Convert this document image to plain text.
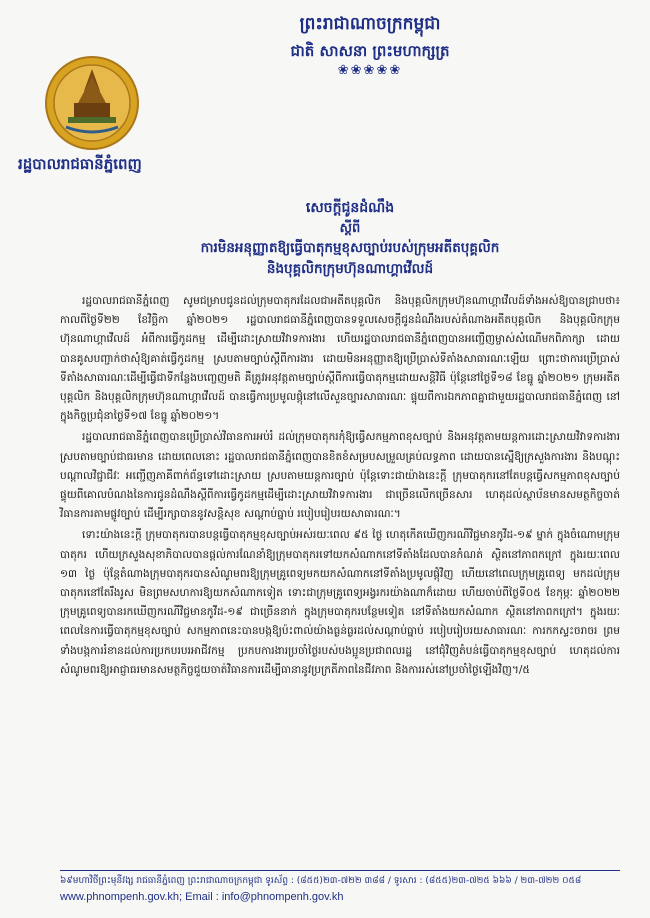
ព្រះរាជាណាចក្រកម្ពុជា
ជាតិ សាសនា ព្រះមហាក្សត្រ
❀❀❀❀❀
រដ្ឋបាលរាជធានីភ្នំពេញ
សេចក្តីជូនដំណឹង
ស្តីពី
ការមិនអនុញ្ញាតឱ្យធ្វើបាតុកម្មខុសច្បាប់របស់ក្រុមអតីតបុគ្គលិក
និងបុគ្គលិកក្រុមហ៊ុនណាហ្គាវើលដ៍

រដ្ឋបាលរាជធានីភ្នំពេញ សូមជម្រាបជូនដល់ក្រុមបាតុករដែលជាអតីតបុគ្គលិក និងបុគ្គលិកក្រុមហ៊ុនណាហ្គាវើលដ៍ទាំងអស់ឱ្យបានជ្រាបថា៖ កាលពីថ្ងៃទី២២ ខែវិច្ឆិកា ឆ្នាំ២០២១ រដ្ឋបាលរាជធានីភ្នំពេញបានទទួលសេចក្តីជូនដំណឹងរបស់តំណាងអតីតបុគ្គលិក និងបុគ្គលិកក្រុមហ៊ុនណាហ្គាវើលដ៍ អំពីការធ្វើកូដកម្ម ដើម្បីដោះស្រាយវិវាទការងារ ហើយរដ្ឋបាលរាជធានីភ្នំពេញបានអញ្ជើញម្ចាស់សំណើមកពិភាក្សា ដោយបានគូសបញ្ជាក់ថាសុំឱ្យគាត់ធ្វើកូដកម្ម ស្របតាមច្បាប់ស្តីពីការងារ ដោយមិនអនុញ្ញាតឱ្យប្រើប្រាស់ទីតាំងសាធារណៈឡើយ ព្រោះថាការប្រើប្រាស់ទីតាំងសាធារណៈដើម្បីធ្វើជាទីកន្លែងបញ្ចេញមតិ គឺត្រូវអនុវត្តតាមច្បាប់ស្តីពីការធ្វើបាតុកម្មដោយសន្តិវិធី ប៉ុន្តែនៅថ្ងៃទី១៨ ខែធ្នូ ឆ្នាំ២០២១ ក្រុមអតីតបុគ្គលិក និងបុគ្គលិកក្រុមហ៊ុនណាហ្គាវើលដ៍ បានធ្វើការប្រមូលផ្តុំនៅលើសួនច្បារសាធារណៈ ផ្ទុយពីការឯកភាពគ្នាជាមួយរដ្ឋបាលរាជធានីភ្នំពេញ នៅក្នុងកិច្ចប្រជុំនាថ្ងៃទី១៧ ខែធ្នូ ឆ្នាំ២០២១។

រដ្ឋបាលរាជធានីភ្នំពេញបានប្រើប្រាស់វិធានការអប់រំ ដល់ក្រុមបាតុករកុំឱ្យធ្វើសកម្មភាពខុសច្បាប់ និងអនុវត្តតាមយន្តការដោះស្រាយវិវាទការងារ ស្របតាមច្បាប់ជាធរមាន ដោយពេលនោះ រដ្ឋបាលរាជធានីភ្នំពេញបានខិតខំសម្របសម្រួលគ្រប់លទ្ធភាព ដោយបានស្នើឱ្យក្រសួងការងារ និងបណ្តុះបណ្តាលវិជ្ជាជីវៈ អញ្ជើញភាគីពាក់ព័ន្ធទៅដោះស្រាយ ស្របតាមយន្តការច្បាប់ ប៉ុន្តែទោះជាយ៉ាងនេះក្តី ក្រុមបាតុករនៅតែបន្តធ្វើសកម្មភាពខុសច្បាប់ ផ្ទុយពីគោលបំណងនៃការជូនដំណឹងស្តីពីការធ្វើកូដកម្មដើម្បីដោះស្រាយវិវាទការងារ ជាច្រើនលើកច្រើនសារ ហេតុដល់ស្ថាប័នមានសមត្ថកិច្ចចាត់វិធានការតាមផ្លូវច្បាប់ ដើម្បីរក្សាបាននូវសន្តិសុខ សណ្តាប់ធ្នាប់ របៀបរៀបរយសាធារណៈ។

ទោះយ៉ាងនេះក្តី ក្រុមបាតុករបានបន្តធ្វើបាតុកម្មខុសច្បាប់អស់រយៈពេល ៩៥ ថ្ងៃ ហេតុកើតឃើញករណីវិជ្ជមានកូវីដ-១៩ ម្នាក់ ក្នុងចំណោមក្រុមបាតុករ ហើយក្រសួងសុខាភិបាលបានផ្តល់ការណែនាំឱ្យក្រុមបាតុករទៅយកសំណាកនៅទីតាំងដែលបានកំណត់ ស្ថិតនៅភាពកក្រៅ ក្នុងរយៈពេល ១៣ ថ្ងៃ ប៉ុន្តែតំណាងក្រុមបាតុករបានសំណូមពរឱ្យក្រុមគ្រូពេទ្យមកយកសំណាកនៅទីតាំងប្រមូលផ្តុំវិញ ហើយនៅពេលក្រុមគ្រូពេទ្យ មកដល់ក្រុមបាតុករនៅតែរឹងរូស មិនព្រមសហការឱ្យយកសំណាកទៀត ទោះជាក្រុមគ្រូពេទ្យអង្វរករយ៉ាងណាក៏ដោយ ហើយចាប់ពីថ្ងៃទី០៥ ខែកុម្ភៈ ឆ្នាំ២០២២ ក្រុមគ្រូពេទ្យបានរកឃើញករណីវិជ្ជមានកូវីដ-១៩ ជាច្រើននាក់ ក្នុងក្រុមបាតុករបន្ថែមទៀត នៅទីតាំងយកសំណាក ស្ថិតនៅភាពកក្រៅ។ ក្នុងរយៈពេលនៃការធ្វើបាតុកម្មខុសច្បាប់ សកម្មភាពនេះបានបង្កឱ្យប៉ះពាល់យ៉ាងធ្ងន់ធ្ងរដល់សណ្តាប់ធ្នាប់ របៀបរៀបរយសាធារណៈ ការកកស្ទះចរាចរ ព្រមទាំងបង្កការរំខានដល់ការប្រកបរបរអាជីវកម្ម ប្រកបការងារប្រចាំថ្ងៃរបស់បងប្អូនប្រជាពលរដ្ឋ នៅជុំវិញតំបន់ធ្វើបាតុកម្មខុសច្បាប់ ហេតុដល់ការសំណូមពរឱ្យអាជ្ញាធរមានសមត្ថកិច្ចជួយចាត់វិធានការដើម្បីធានានូវប្រក្រតីភាពនៃជីវភាព និងការរស់នៅប្រចាំថ្ងៃឡើងវិញ។/៥

៦៩មហាវិថីព្រះមុនីវង្ស រាជធានីភ្នំពេញ ព្រះរាជាណាចក្រកម្ពុជា ទូរស័ព្ទ : (៨៥៥)២៣-៧២២ ៣៨៨ / ទូរសារ : (៨៥៥)២៣-៧២៥ ៦៦៦ / ២៣-៧២២ ០៥៨
www.phnompenh.gov.kh; Email : info@phnompenh.gov.kh
